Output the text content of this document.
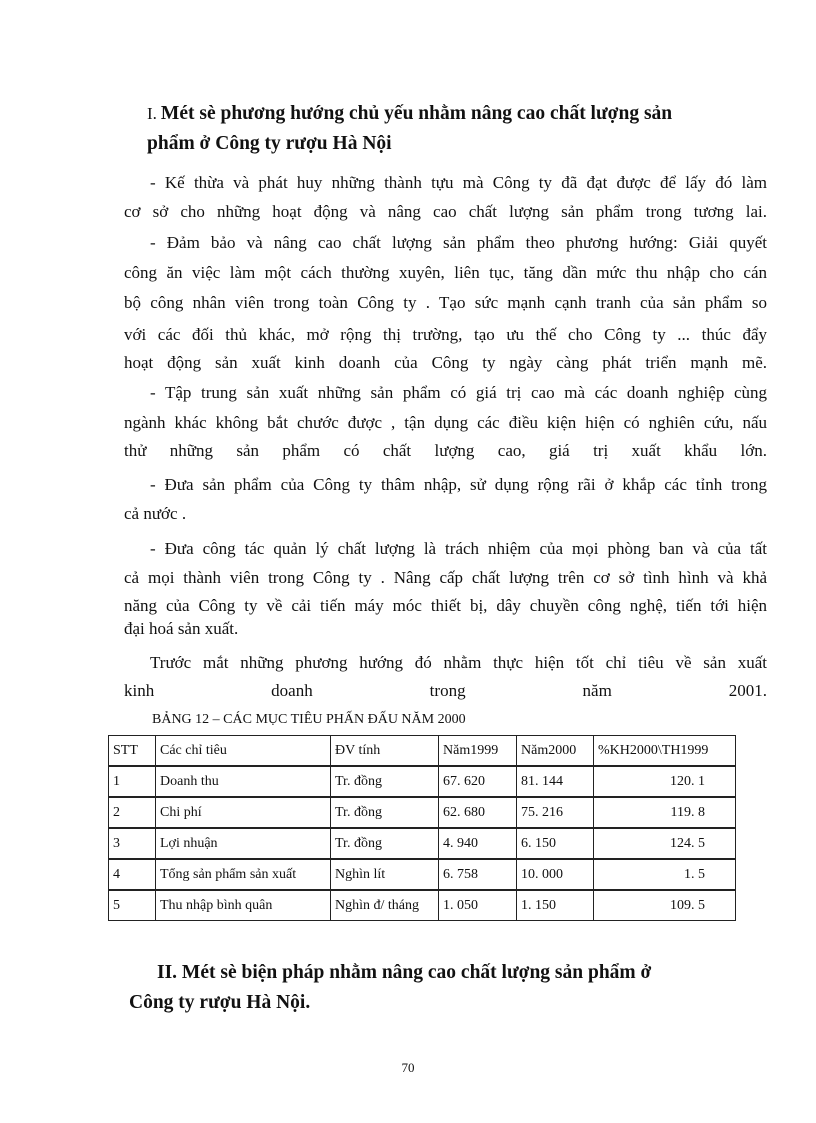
I. Mét sè phương hướng chủ yếu nhằm nâng cao chất lượng sản
phẩm ở Công ty rượu Hà Nội
- Kế thừa và phát huy những thành tựu mà Công ty đã đạt được để lấy đó làm
cơ sở cho những hoạt động và nâng cao chất lượng sản phẩm trong tương lai.
- Đảm bảo và nâng cao chất lượng sản phẩm theo phương hướng: Giải quyết
công ăn việc làm một cách thường xuyên, liên tục, tăng dần mức thu nhập cho cán
bộ công nhân viên trong toàn Công ty . Tạo sức mạnh cạnh tranh của sản phẩm so
với các đối thủ khác, mở rộng thị trường, tạo ưu thế cho Công ty ... thúc đẩy
hoạt động sản xuất kinh doanh của Công ty ngày càng phát triển mạnh mẽ.
- Tập trung sản xuất những sản phẩm có giá trị cao mà các doanh nghiệp cùng
ngành khác không bắt chước được , tận dụng các điều kiện hiện có nghiên cứu, nấu
thử những sản phẩm có chất lượng cao, giá trị xuất khẩu lớn.
- Đưa sản phẩm của Công ty thâm nhập, sử dụng rộng rãi ở khắp các tỉnh trong
cả nước .
- Đưa công tác quản lý chất lượng là trách nhiệm của mọi phòng ban và của tất
cả mọi thành viên trong Công ty . Nâng cấp chất lượng trên cơ sở tình hình và khả
năng của Công ty về cải tiến máy móc thiết bị, dây chuyền công nghệ, tiến tới hiện
đại hoá sản xuất.
Trước mắt những phương hướng đó nhằm thực hiện tốt chỉ tiêu về sản xuất
kinh doanh trong năm 2001.
BẢNG 12 – CÁC MỤC TIÊU PHẤN ĐẤU NĂM 2000
STT	Các chỉ tiêu	ĐV tính	Năm1999	Năm2000	%KH2000\TH1999
1	Doanh thu	Tr. đồng	67. 620	81. 144	120. 1
2	Chi phí	Tr. đồng	62. 680	75. 216	119. 8
3	Lợi nhuận	Tr. đồng	4. 940	6. 150	124. 5
4	Tổng sản phẩm sản xuất	Nghìn lít	6. 758	10. 000	1. 5
5	Thu nhập bình quân	Nghìn đ/ tháng	1. 050	1. 150	109. 5
II. Mét sè biện pháp nhằm nâng cao chất lượng sản phẩm ở
Công ty rượu Hà Nội.
70
